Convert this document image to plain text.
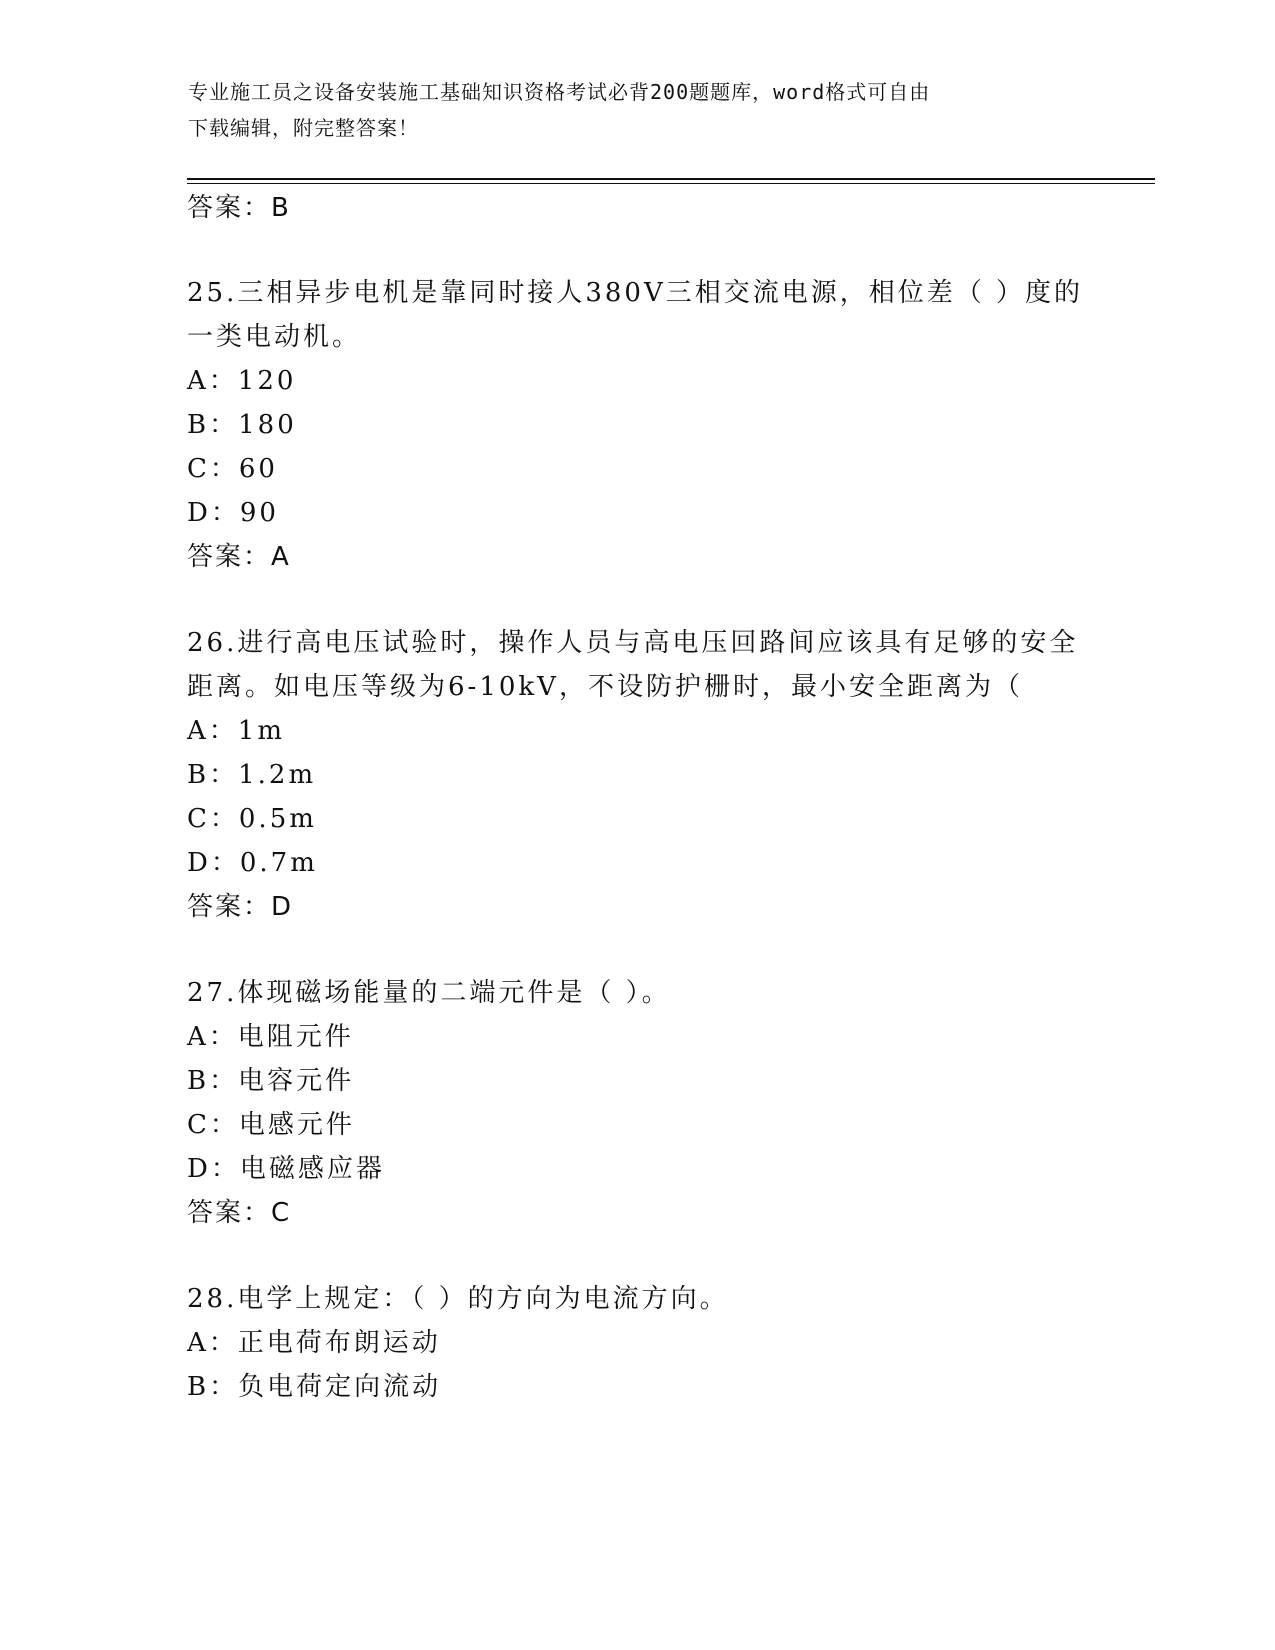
专业施工员之设备安装施工基础知识资格考试必背200题题库，word格式可自由
下载编辑，附完整答案！
答案：B
25.三相异步电机是靠同时接人380V三相交流电源，相位差（ ）度的
一类电动机。
A：120
B：180
C：60
D：90
答案：A
26.进行高电压试验时，操作人员与高电压回路间应该具有足够的安全
距离。如电压等级为6-10kV，不设防护栅时，最小安全距离为（
A：1m
B：1.2m
C：0.5m
D：0.7m
答案：D
27.体现磁场能量的二端元件是（ ）。
A：电阻元件
B：电容元件
C：电感元件
D：电磁感应器
答案：C
28.电学上规定：（ ）的方向为电流方向。
A：正电荷布朗运动
B：负电荷定向流动
